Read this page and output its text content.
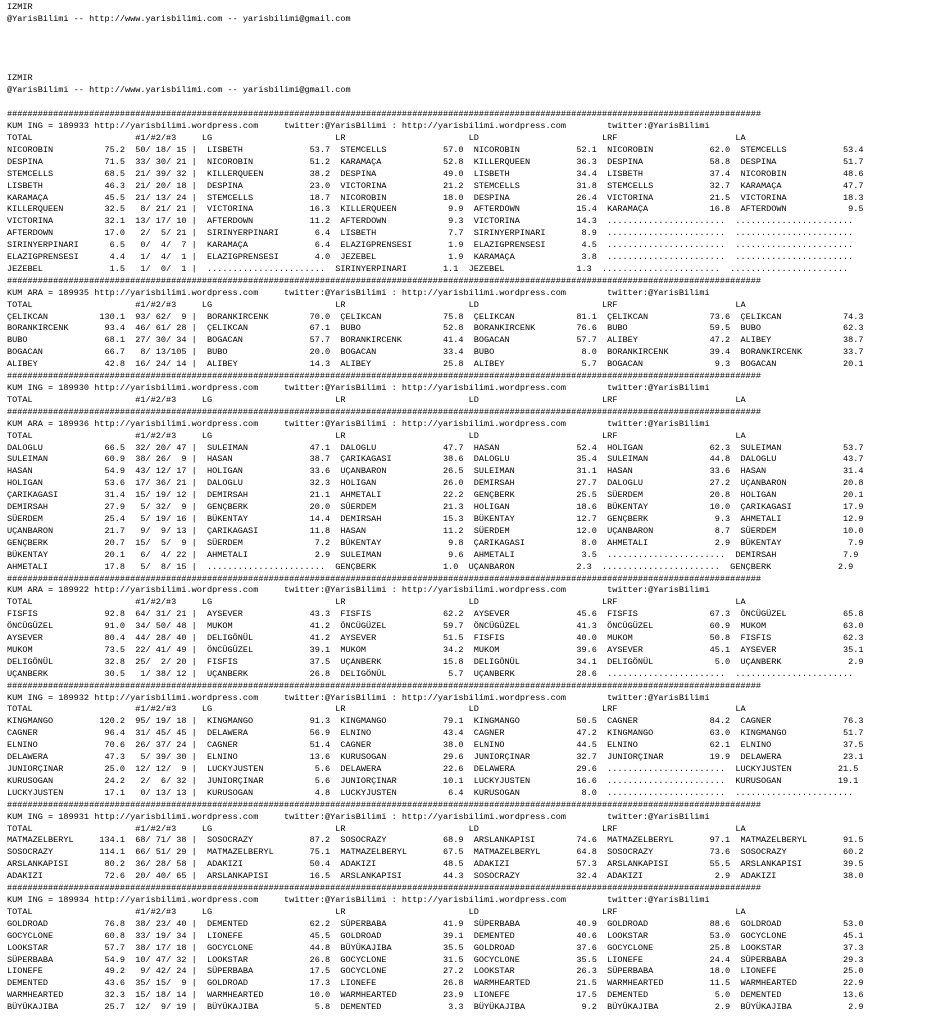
IZMIR
@YarisBilimi -- http://www.yarisbilimi.com -- yarisbilimi@gmail.com

IZMIR
@YarisBilimi -- http://www.yarisbilimi.com -- yarisbilimi@gmail.com

###################################################################################################################################################
KUM ING = 189933 http://yarisbilimi.wordpress.com     twitter:@YarisBilimi : http://yarisbilimi.wordpress.com        twitter:@YarisBilimi
TOTAL                    #1/#2/#3     LG                        LR                        LD                        LRF                       LA
NICOROBIN          75.2  50/ 18/ 15 |  LISBETH             53.7  STEMCELLS           57.0  NICOROBIN           52.1  NICOROBIN           62.0  STEMCELLS           53.4
DESPINA            71.5  33/ 30/ 21 |  NICOROBIN           51.2  KARAMAÇA            52.8  KILLERQUEEN         36.3  DESPINA             58.8  DESPINA             51.7
STEMCELLS          68.5  21/ 39/ 32 |  KILLERQUEEN         38.2  DESPINA             49.0  LISBETH             34.4  LISBETH             37.4  NICOROBIN           48.6
LISBETH            46.3  21/ 20/ 18 |  DESPINA             23.0  VICTORINA           21.2  STEMCELLS           31.8  STEMCELLS           32.7  KARAMAÇA            47.7
KARAMAÇA           45.5  21/ 13/ 24 |  STEMCELLS           18.7  NICOROBIN           18.0  DESPINA             26.4  VICTORINA           21.5  VICTORINA           18.3
KILLERQUEEN        32.5   8/ 21/ 21 |  VICTORINA           16.3  KILLERQUEEN          9.9  AFTERDOWN           15.4  KARAMAÇA            16.8  AFTERDOWN            9.5
VICTORINA          32.1  13/ 17/ 10 |  AFTERDOWN           11.2  AFTERDOWN            9.3  VICTORINA           14.3  .......................  .......................
AFTERDOWN          17.0   2/  5/ 21 |  SIRINYERPINARI       6.4  LISBETH              7.7  SIRINYERPINARI       8.9  .......................  .......................
SIRINYERPINARI      6.5   0/  4/  7 |  KARAMAÇA             6.4  ELAZIGPRENSESI       1.9  ELAZIGPRENSESI       4.5  .......................  .......................
ELAZIGPRENSESI      4.4   1/  4/  1 |  ELAZIGPRENSESI       4.0  JEZEBEL              1.9  KARAMAÇA             3.8  .......................  .......................
JEZEBEL             1.5   1/  0/  1 |  .......................  SIRINYERPINARI       1.1  JEZEBEL              1.3  .......................  .......................
###################################################################################################################################################
KUM ARA = 189935 http://yarisbilimi.wordpress.com     twitter:@YarisBilimi : http://yarisbilimi.wordpress.com        twitter:@YarisBilimi
TOTAL                    #1/#2/#3     LG                        LR                        LD                        LRF                       LA
ÇELIKCAN          130.1  93/ 62/  9 |  BORANKIRCENK        70.0  ÇELIKCAN            75.8  ÇELIKCAN            81.1  ÇELIKCAN            73.6  ÇELIKCAN            74.3
BORANKIRCENK       93.4  46/ 61/ 28 |  ÇELIKCAN            67.1  BUBO                52.8  BORANKIRCENK        76.6  BUBO                59.5  BUBO                62.3
BUBO               68.1  27/ 30/ 34 |  BOGACAN             57.7  BORANKIRCENK        41.4  BOGACAN             57.7  ALIBEY              47.2  ALIBEY              38.7
BOGACAN            66.7   8/ 13/105 |  BUBO                20.0  BOGACAN             33.4  BUBO                 8.0  BORANKIRCENK        39.4  BORANKIRCENK        33.7
ALIBEY             42.8  16/ 24/ 14 |  ALIBEY              14.3  ALIBEY              25.8  ALIBEY               5.7  BOGACAN              9.3  BOGACAN             20.1
###################################################################################################################################################
KUM ING = 189930 http://yarisbilimi.wordpress.com     twitter:@YarisBilimi : http://yarisbilimi.wordpress.com        twitter:@YarisBilimi
TOTAL                    #1/#2/#3     LG                        LR                        LD                        LRF                       LA
###################################################################################################################################################
KUM ARA = 189936 http://yarisbilimi.wordpress.com     twitter:@YarisBilimi : http://yarisbilimi.wordpress.com        twitter:@YarisBilimi
TOTAL                    #1/#2/#3     LG                        LR                        LD                        LRF                       LA
DALOGLU            66.5  32/ 20/ 47 |  SULEIMAN            47.1  DALOGLU             47.7  HASAN               52.4  HOLIGAN             62.3  SULEIMAN            53.7
SULEIMAN           60.9  38/ 26/  9 |  HASAN               38.7  ÇARIKAGASI          38.6  DALOGLU             35.4  SULEIMAN            44.8  DALOGLU             43.7
HASAN              54.9  43/ 12/ 17 |  HOLIGAN             33.6  UÇANBARON           26.5  SULEIMAN            31.1  HASAN               33.6  HASAN               31.4
HOLIGAN            53.6  17/ 36/ 21 |  DALOGLU             32.3  HOLIGAN             26.0  DEMIRSAH            27.7  DALOGLU             27.2  UÇANBARON           20.8
ÇARIKAGASI         31.4  15/ 19/ 12 |  DEMIRSAH            21.1  AHMETALI            22.2  GENÇBERK            25.5  SÜERDEM             20.8  HOLIGAN             20.1
DEMIRSAH           27.9   5/ 32/  9 |  GENÇBERK            20.0  SÜERDEM             21.3  HOLIGAN             18.6  BÜKENTAY            10.0  ÇARIKAGASI          17.9
SÜERDEM            25.4   5/ 19/ 16 |  BÜKENTAY            14.4  DEMIRSAH            15.3  BÜKENTAY            12.7  GENÇBERK             9.3  AHMETALI            12.9
UÇANBARON          21.7   9/  9/ 13 |  ÇARIKAGASI          11.8  HASAN               11.2  SÜERDEM             12.0  UÇANBARON            8.7  SÜERDEM             10.0
GENÇBERK           20.7  15/  5/  9 |  SÜERDEM              7.2  BÜKENTAY             9.8  ÇARIKAGASI           8.0  AHMETALI             2.9  BÜKENTAY             7.9
BÜKENTAY           20.1   6/  4/ 22 |  AHMETALI             2.9  SULEIMAN             9.6  AHMETALI             3.5  .......................  DEMIRSAH             7.9
AHMETALI           17.8   5/  8/ 15 |  .......................  GENÇBERK             1.0  UÇANBARON            2.3  .......................  GENÇBERK             2.9
###################################################################################################################################################
KUM ARA = 189922 http://yarisbilimi.wordpress.com     twitter:@YarisBilimi : http://yarisbilimi.wordpress.com        twitter:@YarisBilimi
TOTAL                    #1/#2/#3     LG                        LR                        LD                        LRF                       LA
FISFIS             92.8  64/ 31/ 21 |  AYSEVER             43.3  FISFIS              62.2  AYSEVER             45.6  FISFIS              67.3  ÖNCÜGÜZEL           65.8
ÖNCÜGÜZEL          91.0  34/ 50/ 48 |  MUKOM               41.2  ÖNCÜGÜZEL           59.7  ÖNCÜGÜZEL           41.3  ÖNCÜGÜZEL           60.9  MUKOM               63.0
AYSEVER            80.4  44/ 28/ 40 |  DELIGÖNÜL           41.2  AYSEVER             51.5  FISFIS              40.0  MUKOM               50.8  FISFIS              62.3
MUKOM              73.5  22/ 41/ 49 |  ÖNCÜGÜZEL           39.1  MUKOM               34.2  MUKOM               39.6  AYSEVER             45.1  AYSEVER             35.1
DELIGÖNÜL          32.8  25/  2/ 20 |  FISFIS              37.5  UÇANBERK            15.8  DELIGÖNÜL           34.1  DELIGÖNÜL            5.0  UÇANBERK             2.9
UÇANBERK           30.5   1/ 38/ 12 |  UÇANBERK            26.8  DELIGÖNÜL            5.7  UÇANBERK            28.6  .......................  .......................
###################################################################################################################################################
KUM ING = 189932 http://yarisbilimi.wordpress.com     twitter:@YarisBilimi : http://yarisbilimi.wordpress.com        twitter:@YarisBilimi
TOTAL                    #1/#2/#3     LG                        LR                        LD                        LRF                       LA
KINGMANGO         120.2  95/ 19/ 18 |  KINGMANGO           91.3  KINGMANGO           79.1  KINGMANGO           50.5  CAGNER              84.2  CAGNER              76.3
CAGNER             96.4  31/ 45/ 45 |  DELAWERA            56.9  ELNINO              43.4  CAGNER              47.2  KINGMANGO           63.0  KINGMANGO           51.7
ELNINO             70.6  26/ 37/ 24 |  CAGNER              51.4  CAGNER              38.0  ELNINO              44.5  ELNINO              62.1  ELNINO              37.5
DELAWERA           47.3   5/ 39/ 30 |  ELNINO              13.6  KURUSOGAN           29.6  JUNIORÇINAR         32.7  JUNIORÇINAR         19.9  DELAWERA            23.1
JUNIORÇINAR        25.0  12/ 12/  9 |  LUCKYJUSTEN          5.6  DELAWERA            22.6  DELAWERA            29.6  .......................  LUCKYJUSTEN         21.5
KURUSOGAN          24.2   2/  6/ 32 |  JUNIORÇINAR          5.6  JUNIORÇINAR         10.1  LUCKYJUSTEN         16.6  .......................  KURUSOGAN           19.1
LUCKYJUSTEN        17.1   0/ 13/ 13 |  KURUSOGAN            4.8  LUCKYJUSTEN          6.4  KURUSOGAN            8.0  .......................  .......................
###################################################################################################################################################
KUM ING = 189931 http://yarisbilimi.wordpress.com     twitter:@YarisBilimi : http://yarisbilimi.wordpress.com        twitter:@YarisBilimi
TOTAL                    #1/#2/#3     LG                        LR                        LD                        LRF                       LA
MATMAZELBERYL     134.1  68/ 71/ 38 |  SOSOCRAZY           87.2  SOSOCRAZY           68.9  ARSLANKAPISI        74.6  MATMAZELBERYL       97.1  MATMAZELBERYL       91.5
SOSOCRAZY         114.1  66/ 51/ 29 |  MATMAZELBERYL       75.1  MATMAZELBERYL       67.5  MATMAZELBERYL       64.8  SOSOCRAZY           73.6  SOSOCRAZY           60.2
ARSLANKAPISI       80.2  36/ 28/ 58 |  ADAKIZI             50.4  ADAKIZI             48.5  ADAKIZI             57.3  ARSLANKAPISI        55.5  ARSLANKAPISI        39.5
ADAKIZI            72.6  20/ 40/ 65 |  ARSLANKAPISI        16.5  ARSLANKAPISI        44.3  SOSOCRAZY           32.4  ADAKIZI              2.9  ADAKIZI             38.0
###################################################################################################################################################
KUM ING = 189934 http://yarisbilimi.wordpress.com     twitter:@YarisBilimi : http://yarisbilimi.wordpress.com        twitter:@YarisBilimi
TOTAL                    #1/#2/#3     LG                        LR                        LD                        LRF                       LA
GOLDROAD           76.8  38/ 23/ 40 |  DEMENTED            62.2  SÜPERBABA           41.9  SÜPERBABA           40.9  GOLDROAD            88.6  GOLDROAD            53.0
GOCYCLONE          60.8  33/ 19/ 34 |  LIONEFE             45.5  GOLDROAD            39.1  DEMENTED            40.6  LOOKSTAR            53.0  GOCYCLONE           45.1
LOOKSTAR           57.7  38/ 17/ 18 |  GOCYCLONE           44.8  BÜYÜKAJIBA          35.5  GOLDROAD            37.6  GOCYCLONE           25.8  LOOKSTAR            37.3
SÜPERBABA          54.9  10/ 47/ 32 |  LOOKSTAR            26.8  GOCYCLONE           31.5  GOCYCLONE           35.5  LIONEFE             24.4  SÜPERBABA           29.3
LIONEFE            49.2   9/ 42/ 24 |  SÜPERBABA           17.5  GOCYCLONE           27.2  LOOKSTAR            26.3  SÜPERBABA           18.0  LIONEFE             25.0
DEMENTED           43.6  35/ 15/  9 |  GOLDROAD            17.3  LIONEFE             26.8  WARMHEARTED         21.5  WARMHEARTED         11.5  WARMHEARTED         22.9
WARMHEARTED        32.3  15/ 18/ 14 |  WARMHEARTED         10.0  WARMHEARTED         23.9  LIONEFE             17.5  DEMENTED             5.0  DEMENTED            13.6
BÜYÜKAJIBA         25.7  12/  9/ 19 |  BÜYÜKAJIBA           5.8  DEMENTED             3.3  BÜYÜKAJIBA           9.2  BÜYÜKAJIBA           2.9  BÜYÜKAJIBA           2.9
